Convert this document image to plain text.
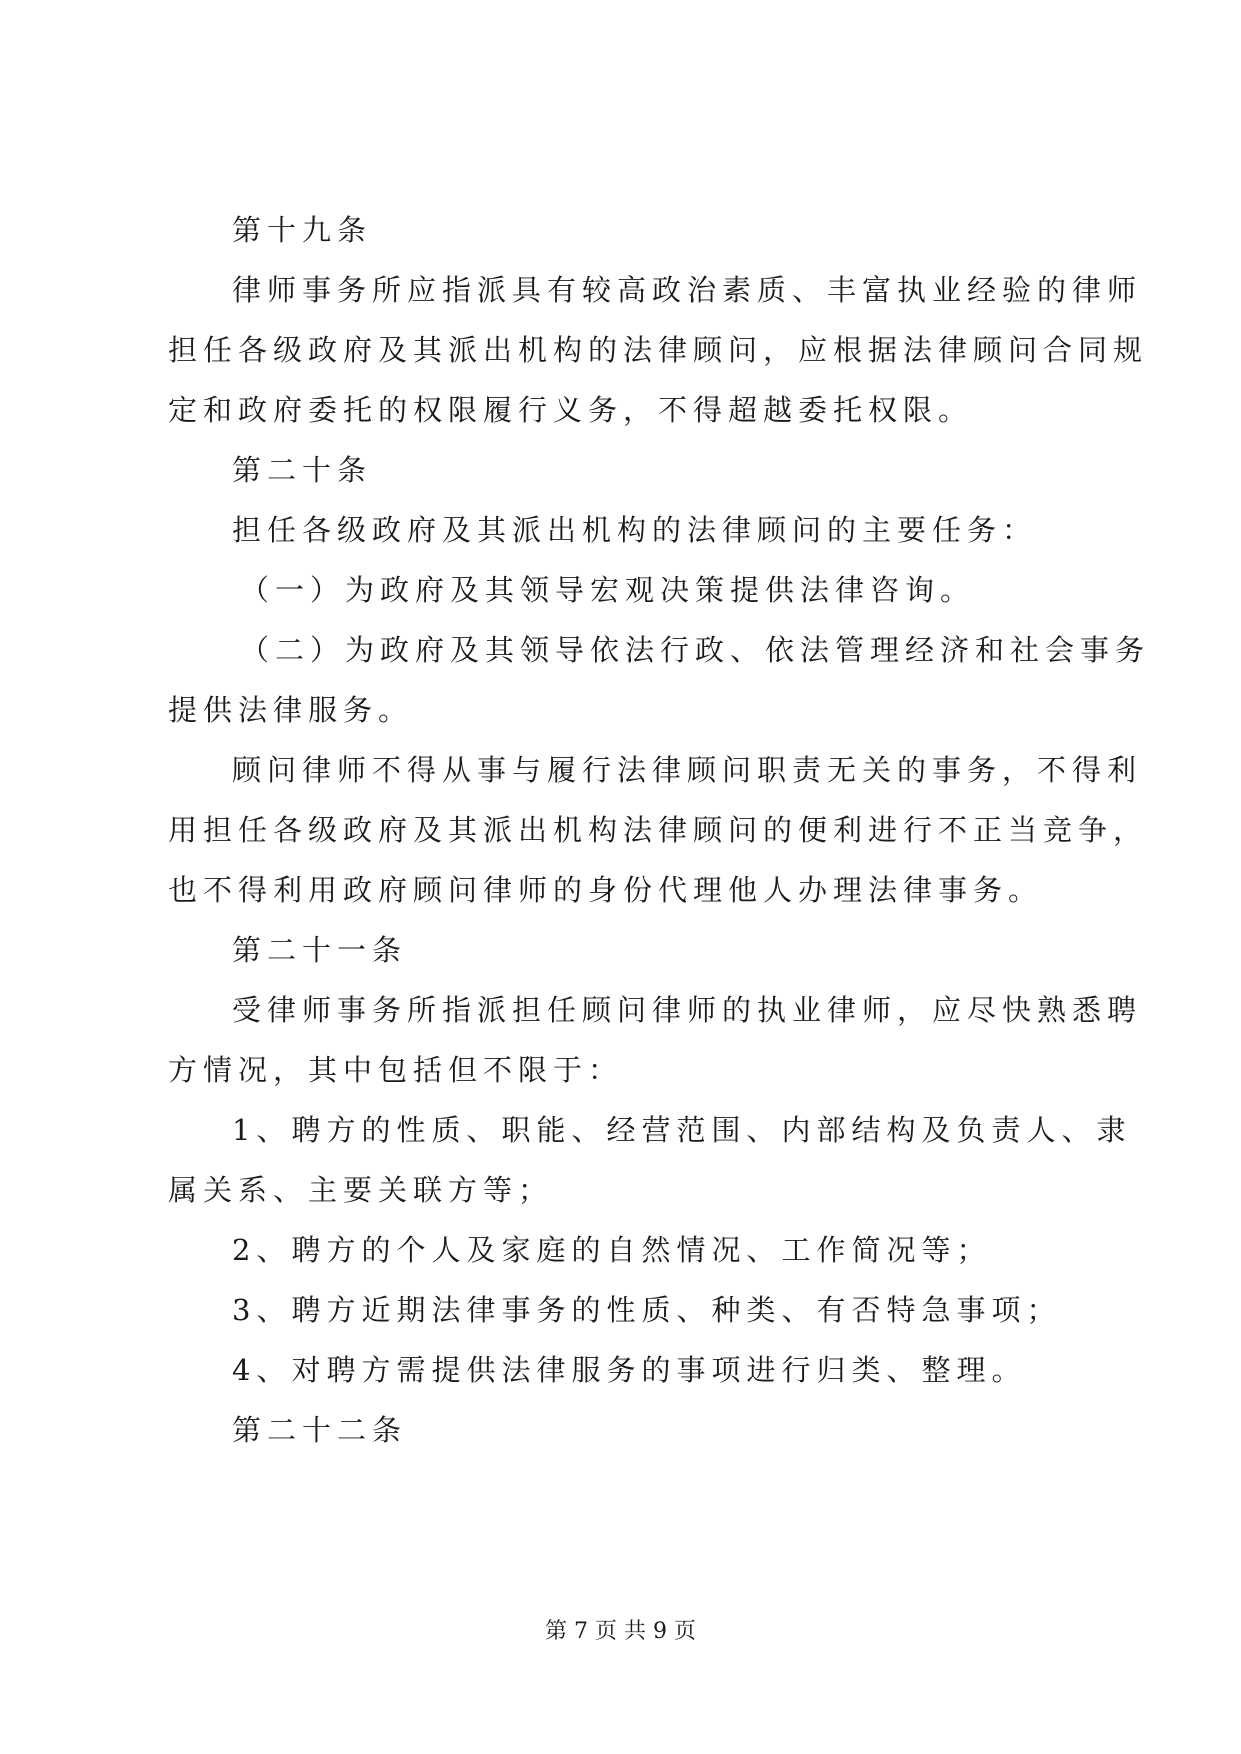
第十九条
律师事务所应指派具有较高政治素质、丰富执业经验的律师
担任各级政府及其派出机构的法律顾问，应根据法律顾问合同规
定和政府委托的权限履行义务，不得超越委托权限。
第二十条
担任各级政府及其派出机构的法律顾问的主要任务：
（一）为政府及其领导宏观决策提供法律咨询。
（二）为政府及其领导依法行政、依法管理经济和社会事务
提供法律服务。
顾问律师不得从事与履行法律顾问职责无关的事务，不得利
用担任各级政府及其派出机构法律顾问的便利进行不正当竞争，
也不得利用政府顾问律师的身份代理他人办理法律事务。
第二十一条
受律师事务所指派担任顾问律师的执业律师，应尽快熟悉聘
方情况，其中包括但不限于：
1、聘方的性质、职能、经营范围、内部结构及负责人、隶
属关系、主要关联方等；
2、聘方的个人及家庭的自然情况、工作简况等；
3、聘方近期法律事务的性质、种类、有否特急事项；
4、对聘方需提供法律服务的事项进行归类、整理。
第二十二条
第 7 页 共 9 页
